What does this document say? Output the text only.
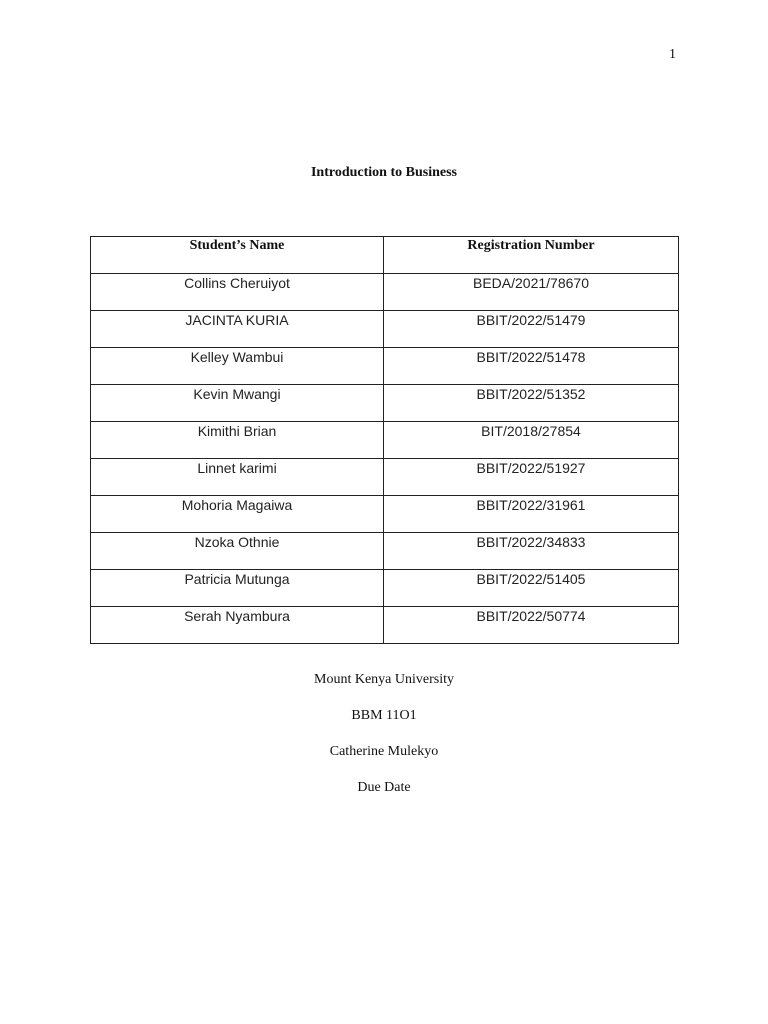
1
Introduction to Business
Student’s Name	Registration Number
Collins Cheruiyot	BEDA/2021/78670
JACINTA KURIA	BBIT/2022/51479
Kelley Wambui	BBIT/2022/51478
Kevin Mwangi	BBIT/2022/51352
Kimithi Brian	BIT/2018/27854
Linnet karimi	BBIT/2022/51927
Mohoria Magaiwa	BBIT/2022/31961
Nzoka Othnie	BBIT/2022/34833
Patricia Mutunga	BBIT/2022/51405
Serah Nyambura	BBIT/2022/50774
Mount Kenya University
BBM 11O1
Catherine Mulekyo
Due Date
